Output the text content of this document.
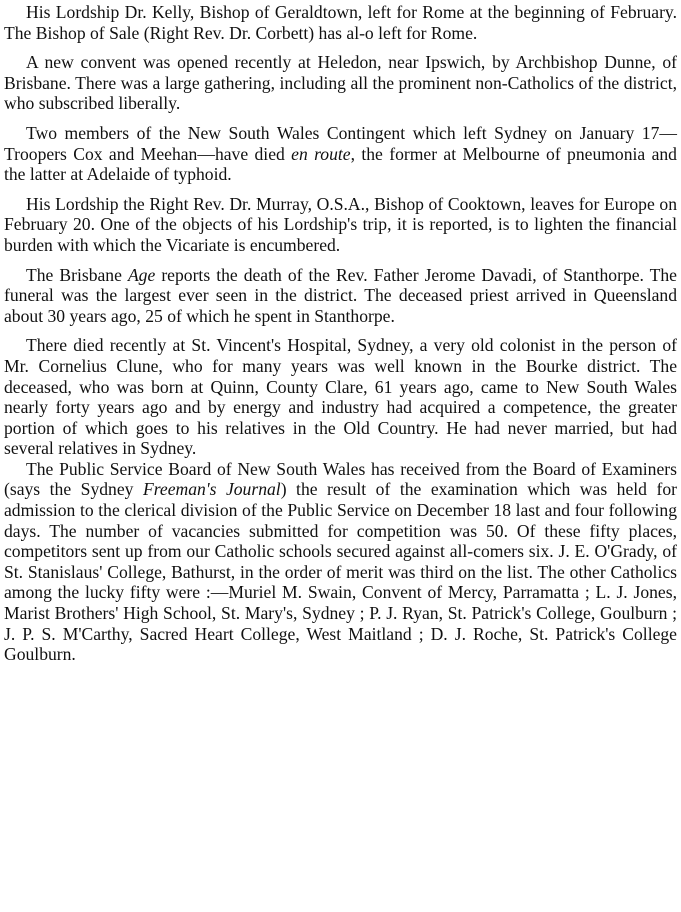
His Lordship Dr. Kelly, Bishop of Geraldtown, left for Rome at the beginning of February. The Bishop of Sale (Right Rev. Dr. Corbett) has al-o left for Rome.

A new convent was opened recently at Heledon, near Ipswich, by Archbishop Dunne, of Brisbane. There was a large gathering, including all the prominent non-Catholics of the district, who subscribed liberally.

Two members of the New South Wales Contingent which left Sydney on January 17—Troopers Cox and Meehan—have died en route, the former at Melbourne of pneumonia and the latter at Adelaide of typhoid.

His Lordship the Right Rev. Dr. Murray, O.S.A., Bishop of Cooktown, leaves for Europe on February 20. One of the objects of his Lordship's trip, it is reported, is to lighten the financial burden with which the Vicariate is encumbered.

The Brisbane Age reports the death of the Rev. Father Jerome Davadi, of Stanthorpe. The funeral was the largest ever seen in the district. The deceased priest arrived in Queensland about 30 years ago, 25 of which he spent in Stanthorpe.

There died recently at St. Vincent's Hospital, Sydney, a very old colonist in the person of Mr. Cornelius Clune, who for many years was well known in the Bourke district. The deceased, who was born at Quinn, County Clare, 61 years ago, came to New South Wales nearly forty years ago and by energy and industry had acquired a competence, the greater portion of which goes to his relatives in the Old Country. He had never married, but had several relatives in Sydney.

The Public Service Board of New South Wales has received from the Board of Examiners (says the Sydney Freeman's Journal) the result of the examination which was held for admission to the clerical division of the Public Service on December 18 last and four following days. The number of vacancies submitted for competition was 50. Of these fifty places, competitors sent up from our Catholic schools secured against all-comers six. J. E. O'Grady, of St. Stanislaus' College, Bathurst, in the order of merit was third on the list. The other Catholics among the lucky fifty were :—Muriel M. Swain, Convent of Mercy, Parramatta ; L. J. Jones, Marist Brothers' High School, St. Mary's, Sydney ; P. J. Ryan, St. Patrick's College, Goulburn ; J. P. S. M'Carthy, Sacred Heart College, West Maitland ; D. J. Roche, St. Patrick's College Goulburn.
